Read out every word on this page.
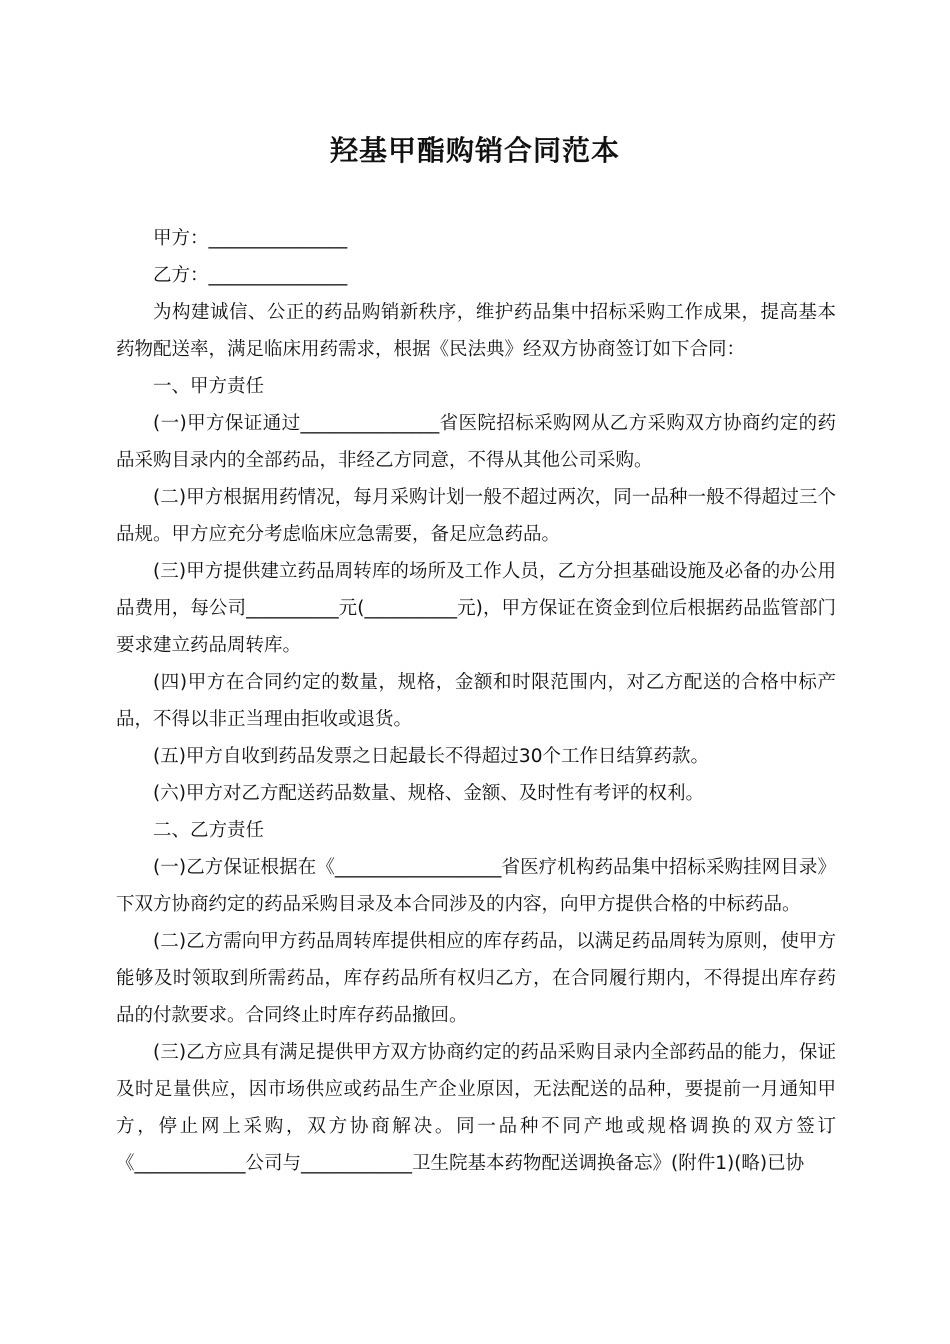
羟基甲酯购销合同范本

甲方：_______________

乙方：_______________

为构建诚信、公正的药品购销新秩序，维护药品集中招标采购工作成果，提高基本药物配送率，满足临床用药需求，根据《民法典》经双方协商签订如下合同：

一、甲方责任

(一)甲方保证通过_______________省医院招标采购网从乙方采购双方协商约定的药品采购目录内的全部药品，非经乙方同意，不得从其他公司采购。

(二)甲方根据用药情况，每月采购计划一般不超过两次，同一品种一般不得超过三个品规。甲方应充分考虑临床应急需要，备足应急药品。

(三)甲方提供建立药品周转库的场所及工作人员，乙方分担基础设施及必备的办公用品费用，每公司__________元(__________元)，甲方保证在资金到位后根据药品监管部门要求建立药品周转库。

(四)甲方在合同约定的数量，规格，金额和时限范围内，对乙方配送的合格中标产品，不得以非正当理由拒收或退货。

(五)甲方自收到药品发票之日起最长不得超过30个工作日结算药款。

(六)甲方对乙方配送药品数量、规格、金额、及时性有考评的权利。

二、乙方责任

(一)乙方保证根据在《__________________省医疗机构药品集中招标采购挂网目录》下双方协商约定的药品采购目录及本合同涉及的内容，向甲方提供合格的中标药品。

(二)乙方需向甲方药品周转库提供相应的库存药品，以满足药品周转为原则，使甲方能够及时领取到所需药品，库存药品所有权归乙方，在合同履行期内，不得提出库存药品的付款要求。合同终止时库存药品撤回。

(三)乙方应具有满足提供甲方双方协商约定的药品采购目录内全部药品的能力，保证及时足量供应，因市场供应或药品生产企业原因，无法配送的品种，要提前一月通知甲方，停止网上采购，双方协商解决。同一品种不同产地或规格调换的双方签订《____________公司与____________卫生院基本药物配送调换备忘》(附件1)(略)已协
